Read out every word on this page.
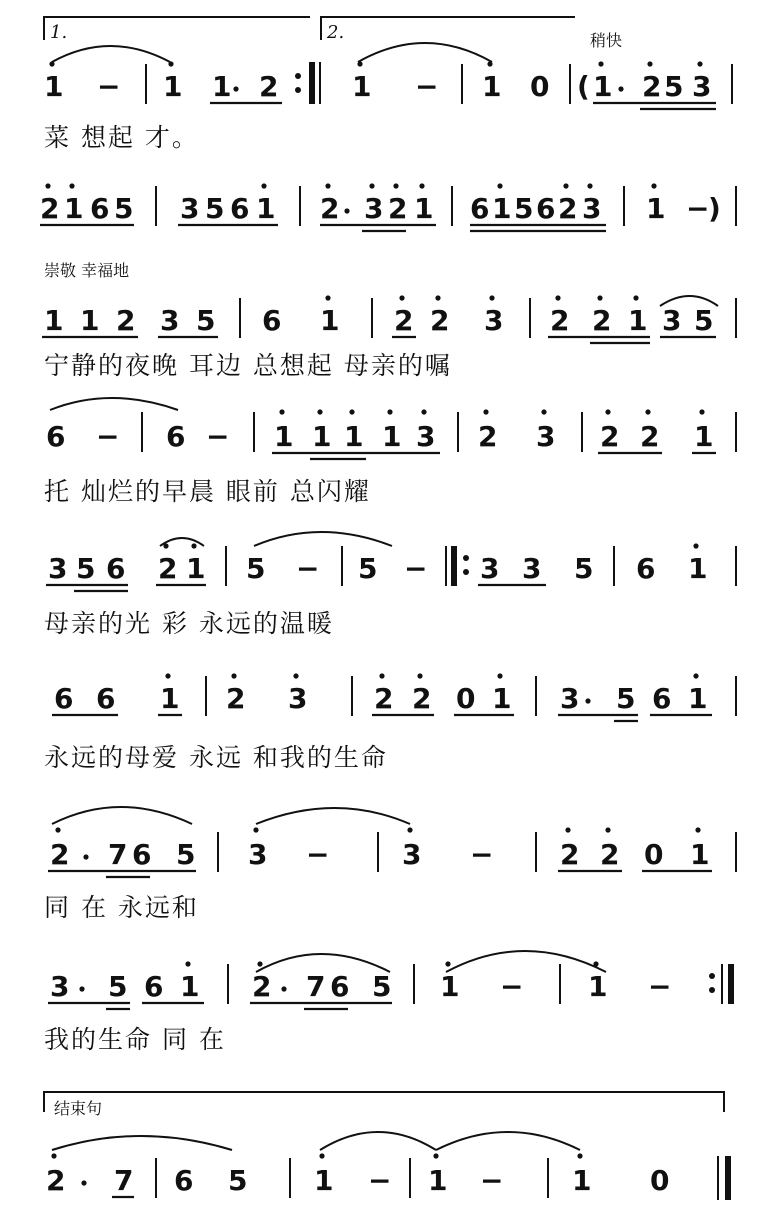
1.	2.	稍快
1 − 1 1 2	1 − 1 0 ( 1 2 5 3
菜 想起 才。
2 1 6 5 3 5 6 1 2 3 2 1 6 1 5 6 2 3 1 −
)
崇敬 幸福地
1 1 2 3 5 6 1 2 2 3 2 2 1 3 5
宁静的夜晚 耳边 总想起 母亲的嘱
6 − 6 − 1 1 1 1 3 2 3 2 2 1
托 灿烂的早晨 眼前 总闪耀
3 5 6 2 1 5 − 5 − 3 3 5 6 1
母亲的光 彩 永远的温暖
6 6 1 2 3 2 2 0 1 3 5 6 1
永远的母爱 永远 和我的生命
2 7 6 5 3 −	3 − 2 2 0 1
同 在 永远和
3 5 6 1 2 7 6 5 1 − 1 −
我的生命 同 在
结束句
2 7 6 5 1 − 1 − 1 0
